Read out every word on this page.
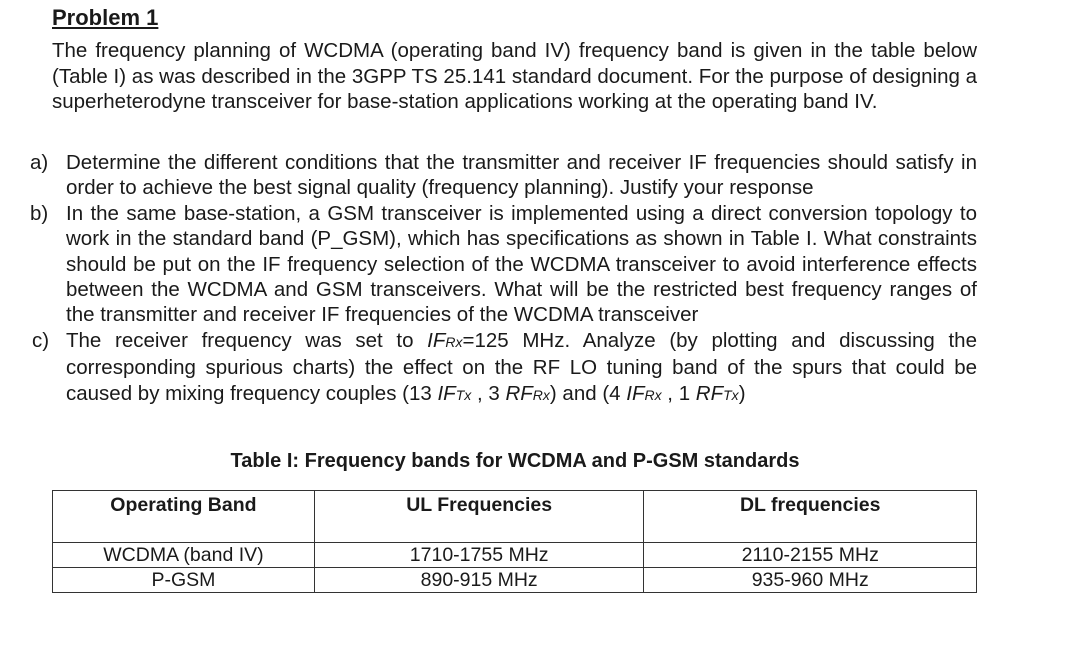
Problem 1

The frequency planning of WCDMA (operating band IV) frequency band is given in the table below (Table I) as was described in the 3GPP TS 25.141 standard document. For the purpose of designing a superheterodyne transceiver for base-station applications working at the operating band IV.

a) Determine the different conditions that the transmitter and receiver IF frequencies should satisfy in order to achieve the best signal quality (frequency planning). Justify your response
b) In the same base-station, a GSM transceiver is implemented using a direct conversion topology to work in the standard band (P_GSM), which has specifications as shown in Table I. What constraints should be put on the IF frequency selection of the WCDMA transceiver to avoid interference effects between the WCDMA and GSM transceivers. What will be the restricted best frequency ranges of the transmitter and receiver IF frequencies of the WCDMA transceiver
c) The receiver frequency was set to IFRx=125 MHz. Analyze (by plotting and discussing the corresponding spurious charts) the effect on the RF LO tuning band of the spurs that could be caused by mixing frequency couples (13 IFTx , 3 RFRx) and (4 IFRx , 1 RFTx)

Table I: Frequency bands for WCDMA and P-GSM standards

Operating Band	UL Frequencies	DL frequencies
WCDMA (band IV)	1710-1755 MHz	2110-2155 MHz
P-GSM	890-915 MHz	935-960 MHz
